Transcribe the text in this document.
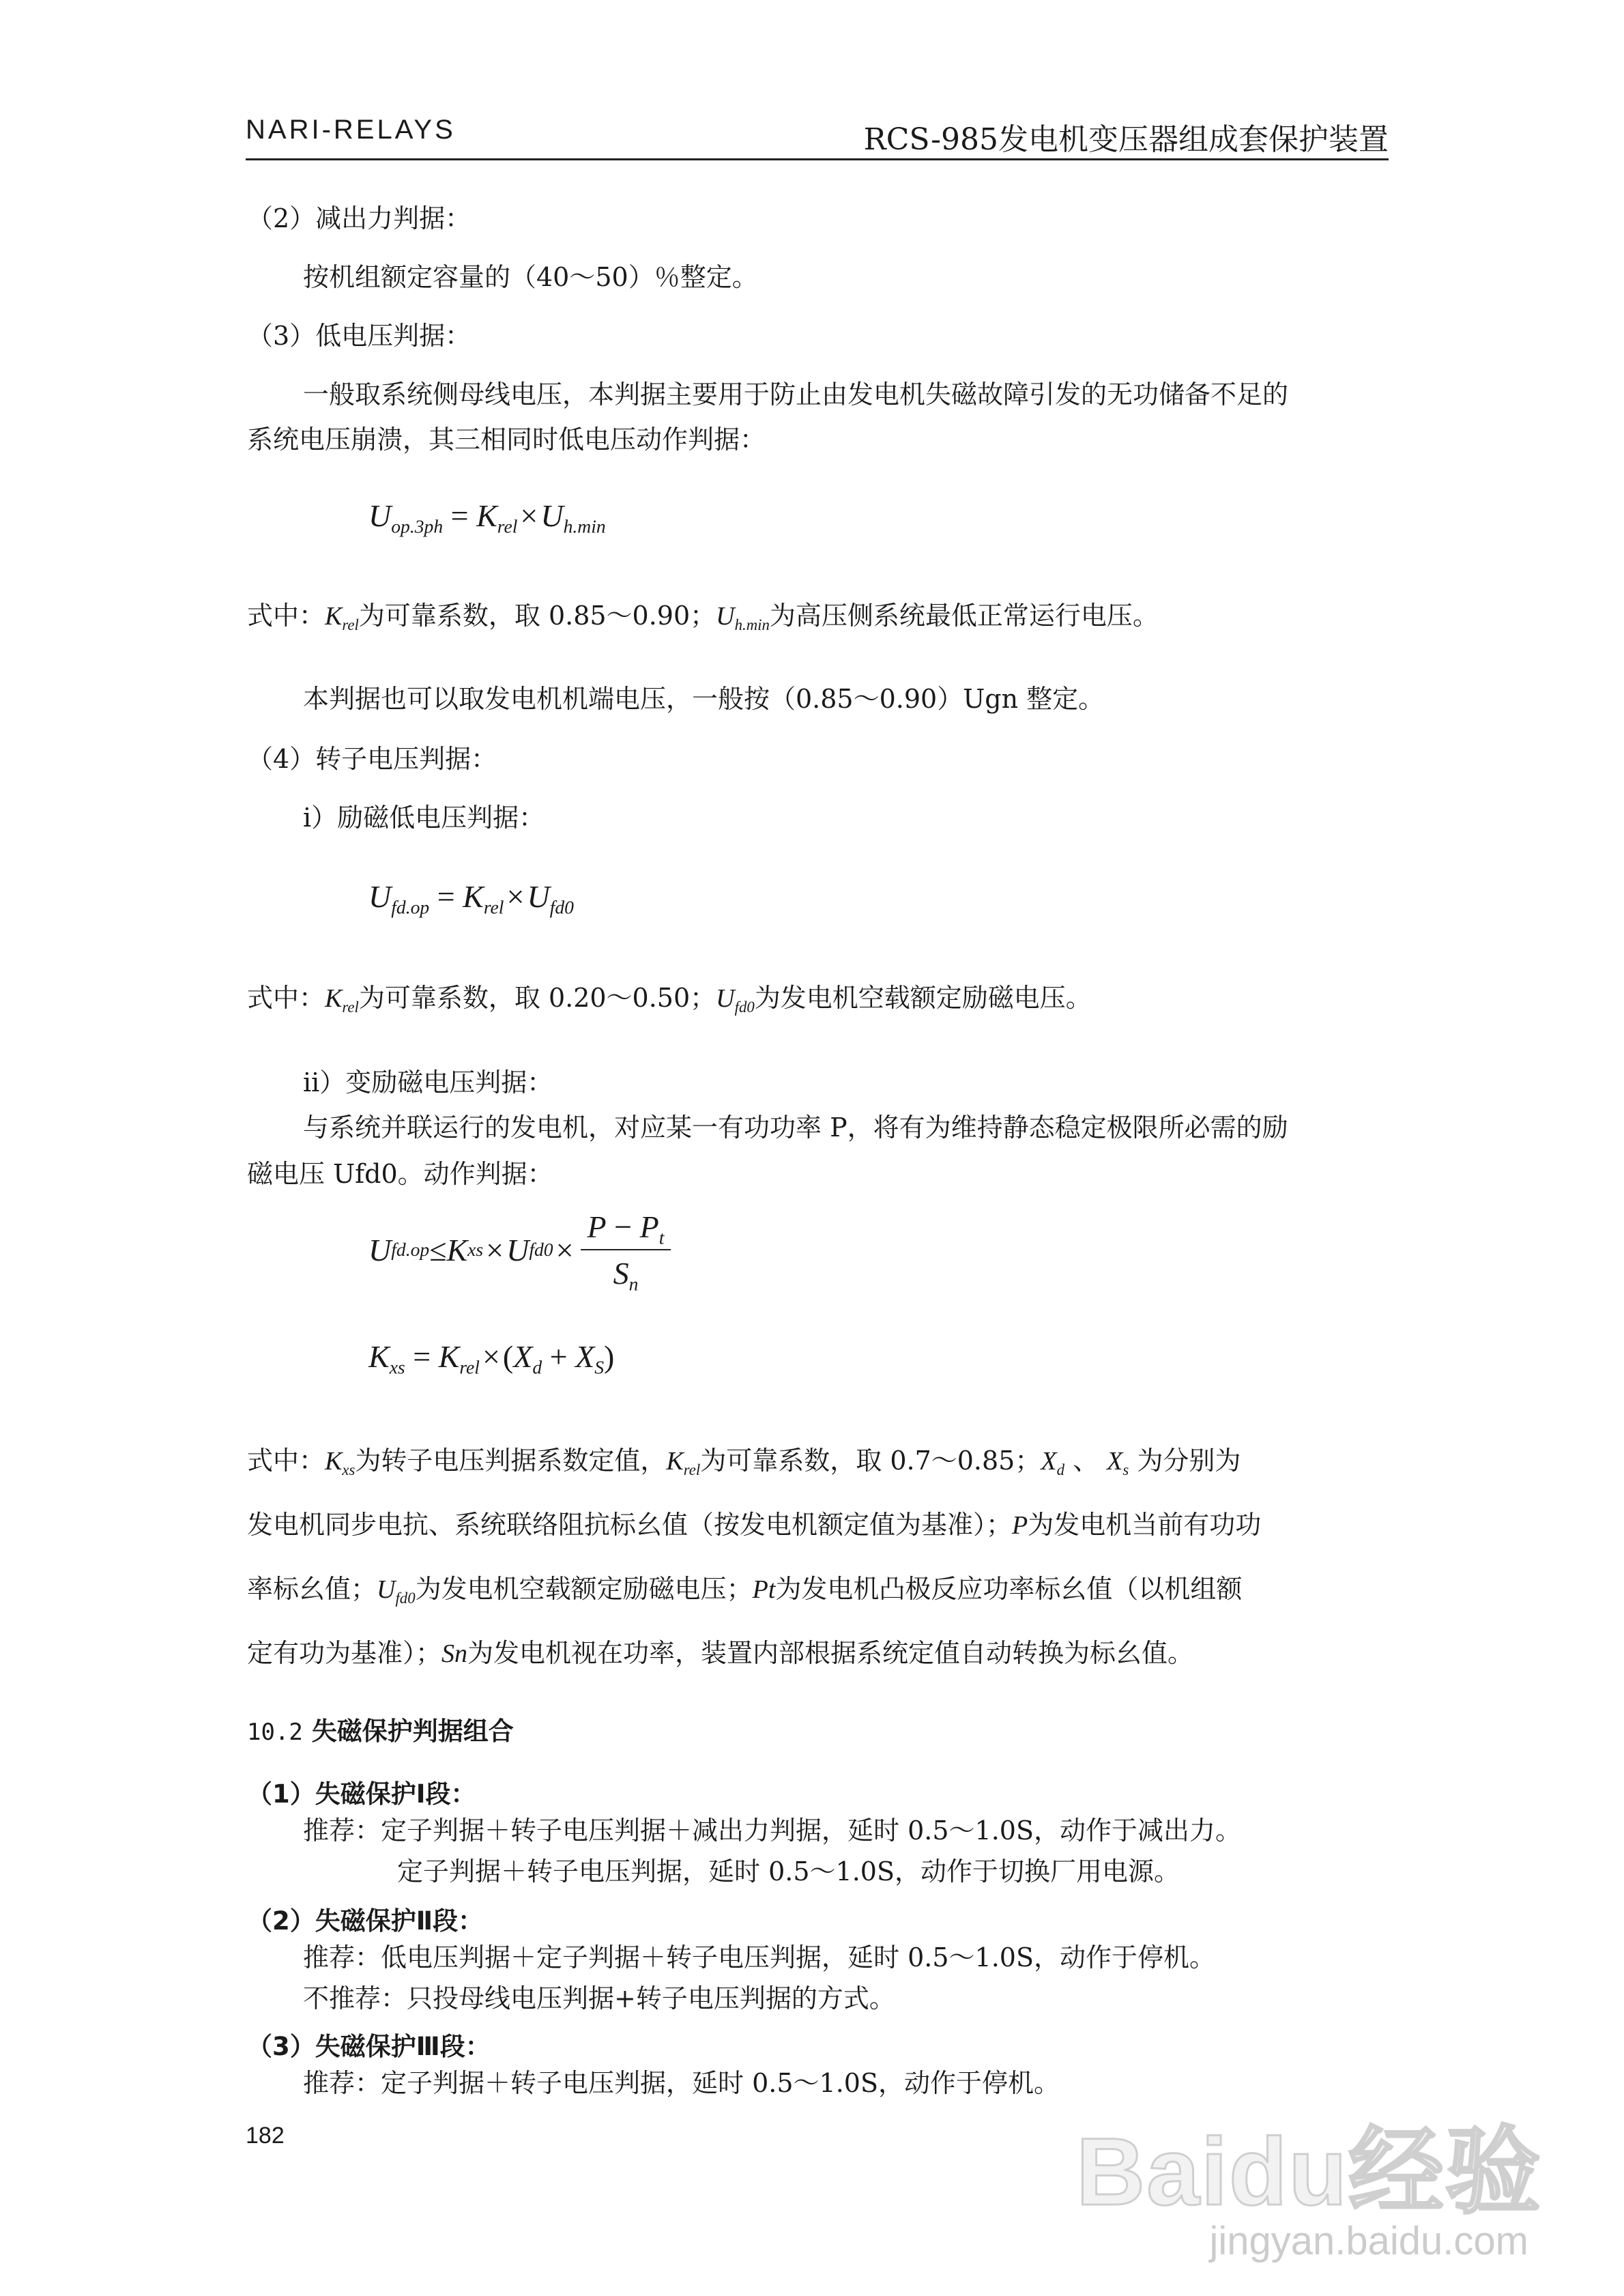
NARI-RELAYS	RCS-985发电机变压器组成套保护装置
（2）减出力判据：
按机组额定容量的（40～50）％整定。
（3）低电压判据：
一般取系统侧母线电压，本判据主要用于防止由发电机失磁故障引发的无功储备不足的
系统电压崩溃，其三相同时低电压动作判据：
$U_{op.3ph} = K_{rel}\times U_{h.min}$
式中：$K_{rel}$为可靠系数，取 0.85～0.90；$U_{h.min}$为高压侧系统最低正常运行电压。
本判据也可以取发电机机端电压，一般按（0.85～0.90）Ugn 整定。
（4）转子电压判据：
i）励磁低电压判据：
$U_{fd.op} = K_{rel}\times U_{fd0}$
式中：$K_{rel}$为可靠系数，取 0.20～0.50；$U_{fd0}$为发电机空载额定励磁电压。
ii）变励磁电压判据：
与系统并联运行的发电机，对应某一有功功率 P，将有为维持静态稳定极限所必需的励
磁电压 Ufd0。动作判据：
U fd.op ≤ K xs × U $fd0 \times \frac{P - P_t}{S_n}$
$K_{xs} = K_{rel}\times(X_d + X_S)$
式中：$K_{xs}$为转子电压判据系数定值，$K_{rel}$为可靠系数，取 0.7～0.85；$X_d$ 、 $X_s$ 为分别为
发电机同步电抗、系统联络阻抗标幺值（按发电机额定值为基准）；P为发电机当前有功功
率标幺值；$U_{fd0}$为发电机空载额定励磁电压；Pt为发电机凸极反应功率标幺值（以机组额
定有功为基准）；Sn为发电机视在功率，装置内部根据系统定值自动转换为标幺值。
10.2 失磁保护判据组合
（1）失磁保护Ⅰ段：
推荐：定子判据＋转子电压判据＋减出力判据，延时 0.5～1.0S，动作于减出力。
定子判据＋转子电压判据，延时 0.5～1.0S，动作于切换厂用电源。
（2）失磁保护Ⅱ段：
推荐：低电压判据＋定子判据＋转子电压判据，延时 0.5～1.0S，动作于停机。
不推荐：只投母线电压判据+转子电压判据的方式。
（3）失磁保护Ⅲ段：
推荐：定子判据＋转子电压判据，延时 0.5～1.0S，动作于停机。
182	Baidu经验
jingyan.baidu.com
